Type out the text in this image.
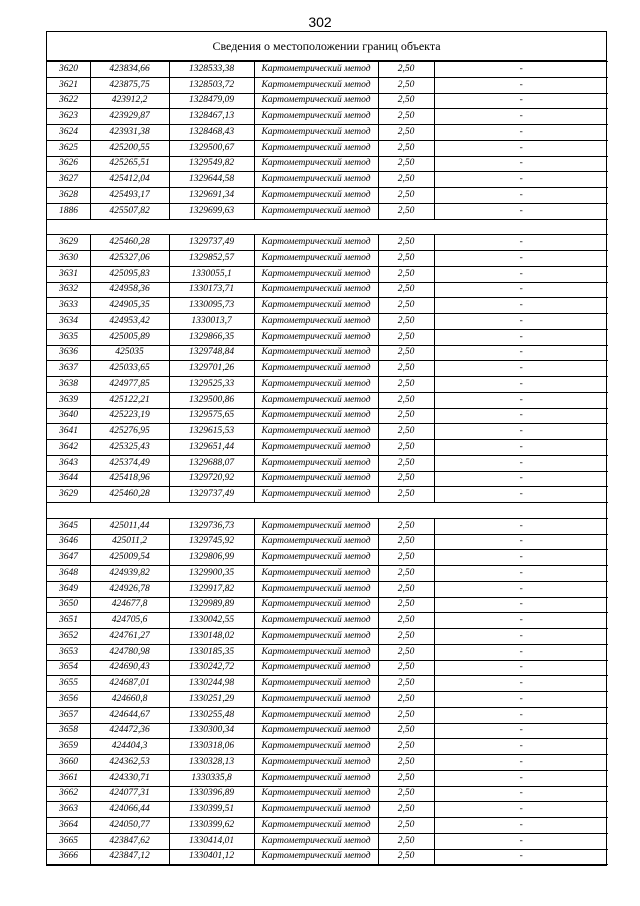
302
Сведения о местоположении границ объекта
3620	423834,66	1328533,38	Картометрический метод	2,50	-
3621	423875,75	1328503,72	Картометрический метод	2,50	-
3622	423912,2	1328479,09	Картометрический метод	2,50	-
3623	423929,87	1328467,13	Картометрический метод	2,50	-
3624	423931,38	1328468,43	Картометрический метод	2,50	-
3625	425200,55	1329500,67	Картометрический метод	2,50	-
3626	425265,51	1329549,82	Картометрический метод	2,50	-
3627	425412,04	1329644,58	Картометрический метод	2,50	-
3628	425493,17	1329691,34	Картометрический метод	2,50	-
1886	425507,82	1329699,63	Картометрический метод	2,50	-

3629	425460,28	1329737,49	Картометрический метод	2,50	-
3630	425327,06	1329852,57	Картометрический метод	2,50	-
3631	425095,83	1330055,1	Картометрический метод	2,50	-
3632	424958,36	1330173,71	Картометрический метод	2,50	-
3633	424905,35	1330095,73	Картометрический метод	2,50	-
3634	424953,42	1330013,7	Картометрический метод	2,50	-
3635	425005,89	1329866,35	Картометрический метод	2,50	-
3636	425035	1329748,84	Картометрический метод	2,50	-
3637	425033,65	1329701,26	Картометрический метод	2,50	-
3638	424977,85	1329525,33	Картометрический метод	2,50	-
3639	425122,21	1329500,86	Картометрический метод	2,50	-
3640	425223,19	1329575,65	Картометрический метод	2,50	-
3641	425276,95	1329615,53	Картометрический метод	2,50	-
3642	425325,43	1329651,44	Картометрический метод	2,50	-
3643	425374,49	1329688,07	Картометрический метод	2,50	-
3644	425418,96	1329720,92	Картометрический метод	2,50	-
3629	425460,28	1329737,49	Картометрический метод	2,50	-

3645	425011,44	1329736,73	Картометрический метод	2,50	-
3646	425011,2	1329745,92	Картометрический метод	2,50	-
3647	425009,54	1329806,99	Картометрический метод	2,50	-
3648	424939,82	1329900,35	Картометрический метод	2,50	-
3649	424926,78	1329917,82	Картометрический метод	2,50	-
3650	424677,8	1329989,89	Картометрический метод	2,50	-
3651	424705,6	1330042,55	Картометрический метод	2,50	-
3652	424761,27	1330148,02	Картометрический метод	2,50	-
3653	424780,98	1330185,35	Картометрический метод	2,50	-
3654	424690,43	1330242,72	Картометрический метод	2,50	-
3655	424687,01	1330244,98	Картометрический метод	2,50	-
3656	424660,8	1330251,29	Картометрический метод	2,50	-
3657	424644,67	1330255,48	Картометрический метод	2,50	-
3658	424472,36	1330300,34	Картометрический метод	2,50	-
3659	424404,3	1330318,06	Картометрический метод	2,50	-
3660	424362,53	1330328,13	Картометрический метод	2,50	-
3661	424330,71	1330335,8	Картометрический метод	2,50	-
3662	424077,31	1330396,89	Картометрический метод	2,50	-
3663	424066,44	1330399,51	Картометрический метод	2,50	-
3664	424050,77	1330399,62	Картометрический метод	2,50	-
3665	423847,62	1330414,01	Картометрический метод	2,50	-
3666	423847,12	1330401,12	Картометрический метод	2,50	-
